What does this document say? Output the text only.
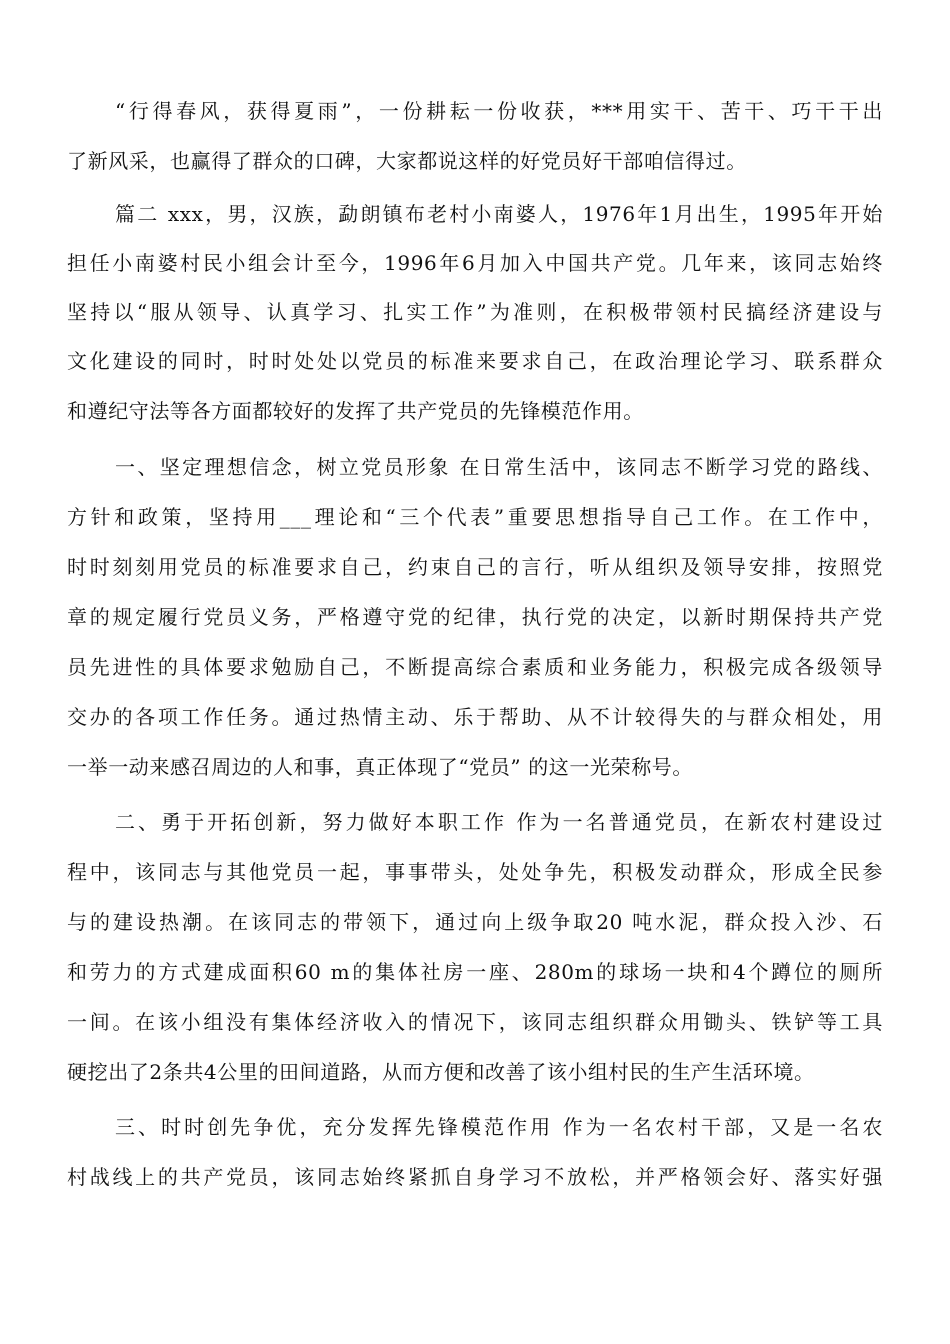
“行得春风，获得夏雨”，一份耕耘一份收获，***用实干、苦干、巧干干出
了新风采，也赢得了群众的口碑，大家都说这样的好党员好干部咱信得过。
篇二 xxx，男，汉族，勐朗镇布老村小南婆人，1976年1月出生，1995年开始
担任小南婆村民小组会计至今，1996年6月加入中国共产党。几年来，该同志始终
坚持以“服从领导、认真学习、扎实工作”为准则，在积极带领村民搞经济建设与
文化建设的同时，时时处处以党员的标准来要求自己，在政治理论学习、联系群众
和遵纪守法等各方面都较好的发挥了共产党员的先锋模范作用。
一、坚定理想信念，树立党员形象 在日常生活中，该同志不断学习党的路线、
方针和政策，坚持用___理论和“三个代表”重要思想指导自己工作。在工作中，
时时刻刻用党员的标准要求自己，约束自己的言行，听从组织及领导安排，按照党
章的规定履行党员义务，严格遵守党的纪律，执行党的决定，以新时期保持共产党
员先进性的具体要求勉励自己，不断提高综合素质和业务能力，积极完成各级领导
交办的各项工作任务。通过热情主动、乐于帮助、从不计较得失的与群众相处，用
一举一动来感召周边的人和事，真正体现了“党员” 的这一光荣称号。
二、勇于开拓创新，努力做好本职工作 作为一名普通党员，在新农村建设过
程中，该同志与其他党员一起，事事带头，处处争先，积极发动群众，形成全民参
与的建设热潮。在该同志的带领下，通过向上级争取20 吨水泥，群众投入沙、石
和劳力的方式建成面积60 m的集体社房一座、280m的球场一块和4个蹲位的厕所
一间。在该小组没有集体经济收入的情况下，该同志组织群众用锄头、铁铲等工具
硬挖出了2条共4公里的田间道路，从而方便和改善了该小组村民的生产生活环境。
三、时时创先争优，充分发挥先锋模范作用 作为一名农村干部，又是一名农
村战线上的共产党员，该同志始终紧抓自身学习不放松，并严格领会好、落实好强
